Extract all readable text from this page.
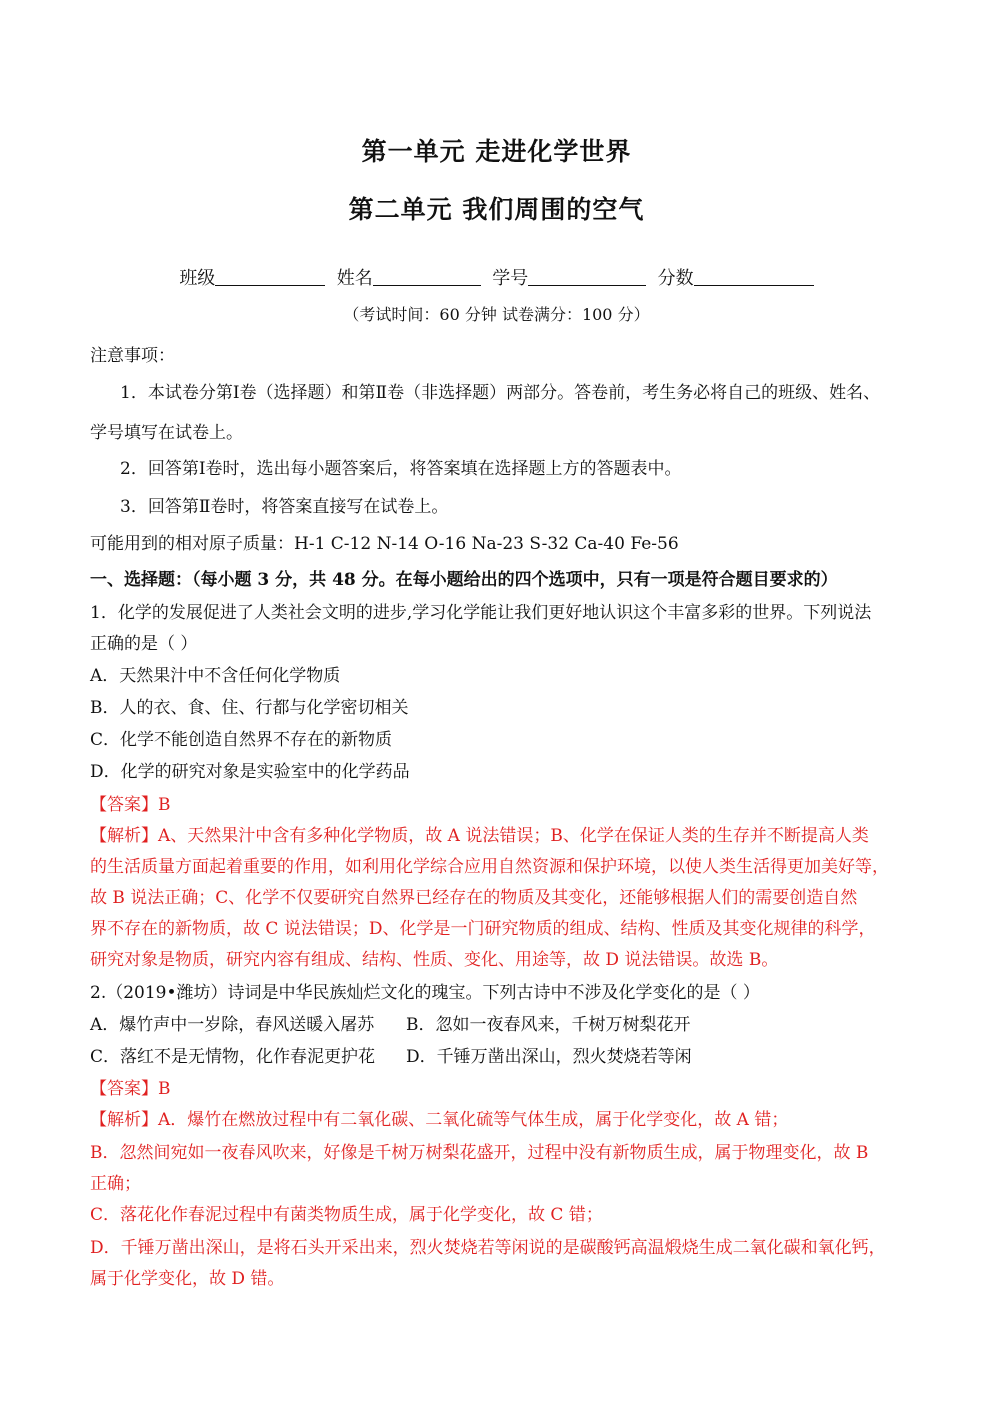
第一单元 走进化学世界
第二单元 我们周围的空气
班级	姓名	学号	分数
（考试时间：60 分钟 试卷满分：100 分）
注意事项：
1．本试卷分第Ⅰ卷（选择题）和第Ⅱ卷（非选择题）两部分。答卷前，考生务必将自己的班级、姓名、
学号填写在试卷上。
2．回答第Ⅰ卷时，选出每小题答案后，将答案填在选择题上方的答题表中。
3．回答第Ⅱ卷时，将答案直接写在试卷上。
可能用到的相对原子质量：H-1 C-12 N-14 O-16 Na-23 S-32 Ca-40 Fe-56
一、选择题：（每小题 3 分，共 48 分。在每小题给出的四个选项中，只有一项是符合题目要求的）
1．化学的发展促进了人类社会文明的进步,学习化学能让我们更好地认识这个丰富多彩的世界。下列说法
正确的是（ ）
A．天然果汁中不含任何化学物质
B．人的衣、食、住、行都与化学密切相关
C．化学不能创造自然界不存在的新物质
D．化学的研究对象是实验室中的化学药品
【答案】B
【解析】A、天然果汁中含有多种化学物质，故 A 说法错误；B、化学在保证人类的生存并不断提高人类
的生活质量方面起着重要的作用，如利用化学综合应用自然资源和保护环境，以使人类生活得更加美好等，
故 B 说法正确；C、化学不仅要研究自然界已经存在的物质及其变化，还能够根据人们的需要创造自然
界不存在的新物质，故 C 说法错误；D、化学是一门研究物质的组成、结构、性质及其变化规律的科学，
研究对象是物质，研究内容有组成、结构、性质、变化、用途等，故 D 说法错误。故选 B。
2.（2019•潍坊）诗词是中华民族灿烂文化的瑰宝。下列古诗中不涉及化学变化的是（ ）
A．爆竹声中一岁除，春风送暖入屠苏 B．忽如一夜春风来，千树万树梨花开
C．落红不是无情物，化作春泥更护花 D．千锤万凿出深山，烈火焚烧若等闲
【答案】B
【解析】A．爆竹在燃放过程中有二氧化碳、二氧化硫等气体生成，属于化学变化，故 A 错；
B．忽然间宛如一夜春风吹来，好像是千树万树梨花盛开，过程中没有新物质生成，属于物理变化，故 B
正确；
C．落花化作春泥过程中有菌类物质生成，属于化学变化，故 C 错；
D．千锤万凿出深山，是将石头开采出来，烈火焚烧若等闲说的是碳酸钙高温煅烧生成二氧化碳和氧化钙，
属于化学变化，故 D 错。
